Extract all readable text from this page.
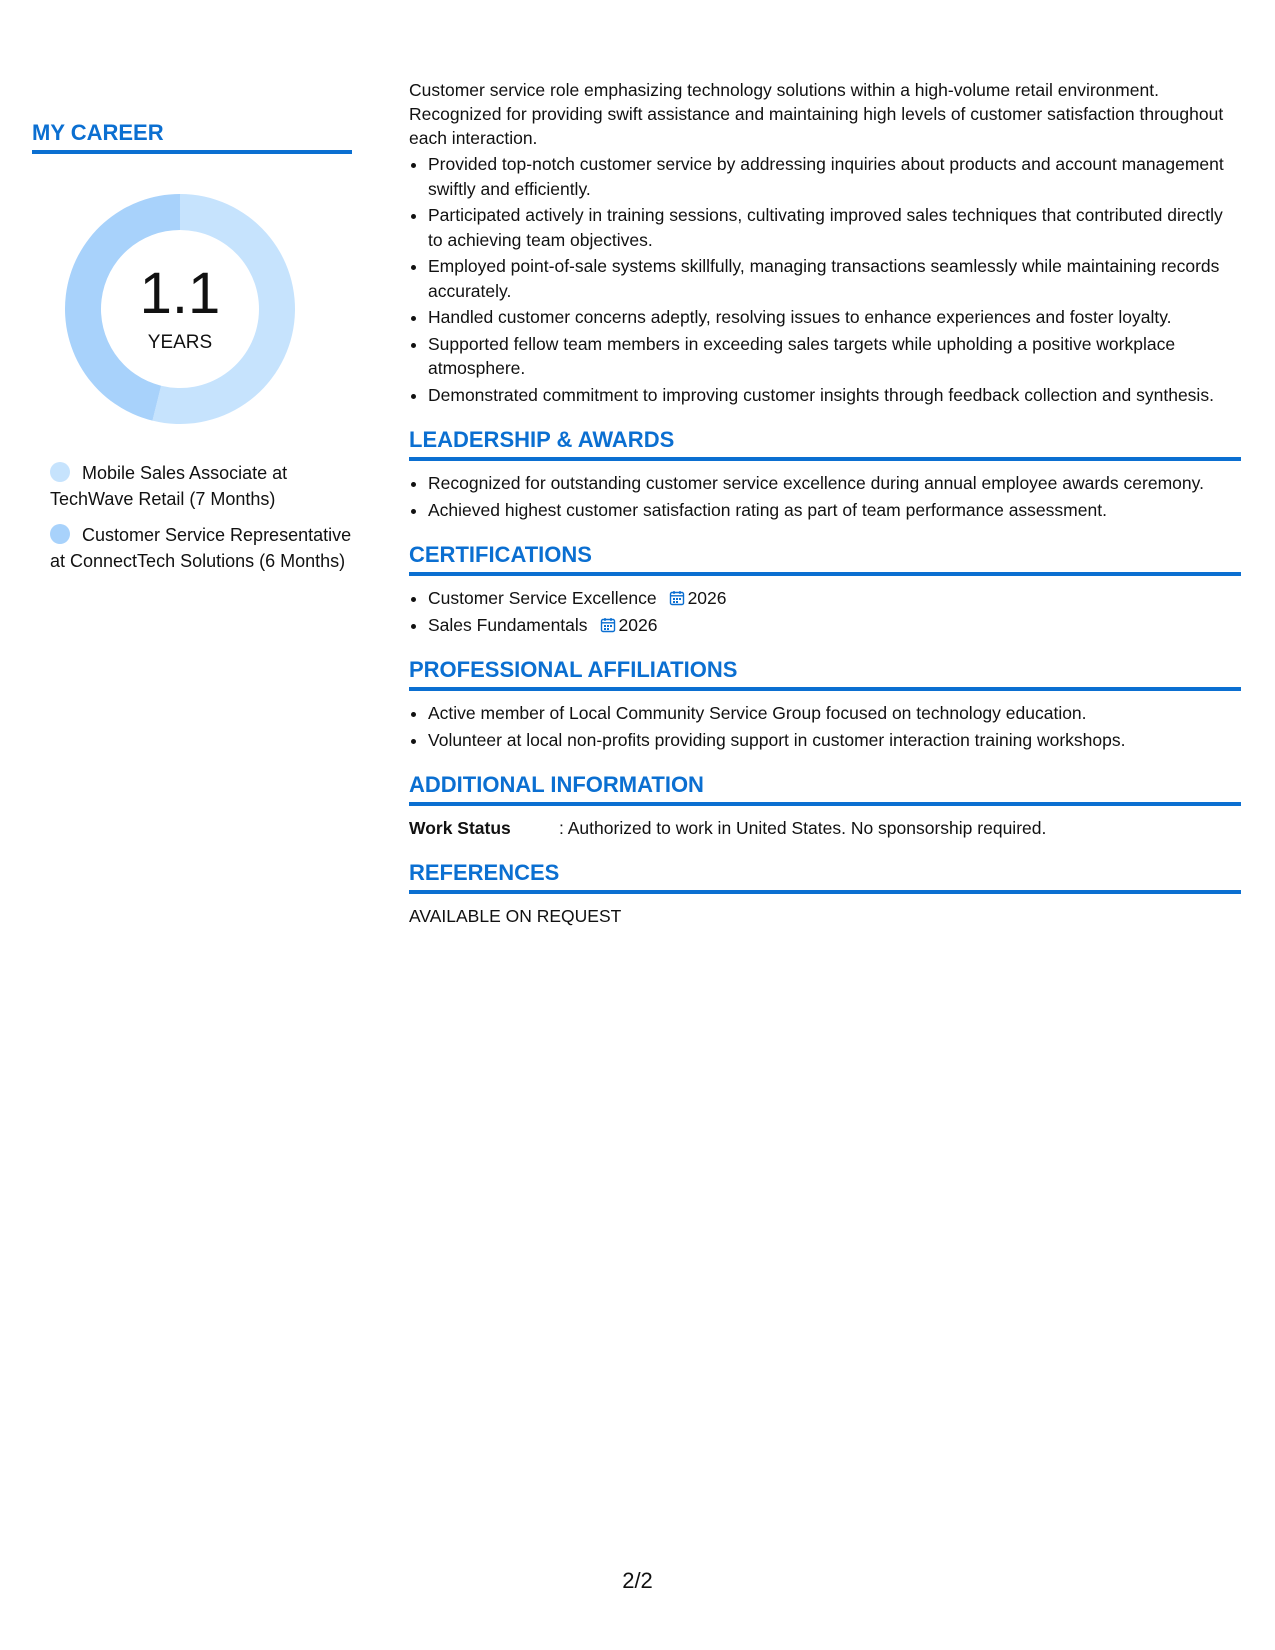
MY CAREER
1.1
YEARS
Mobile Sales Associate at TechWave Retail (7 Months)
Customer Service Representative at ConnectTech Solutions (6 Months)

Customer service role emphasizing technology solutions within a high-volume retail environment. Recognized for providing swift assistance and maintaining high levels of customer satisfaction throughout each interaction.

• Provided top-notch customer service by addressing inquiries about products and account management swiftly and efficiently.
• Participated actively in training sessions, cultivating improved sales techniques that contributed directly to achieving team objectives.
• Employed point-of-sale systems skillfully, managing transactions seamlessly while maintaining records accurately.
• Handled customer concerns adeptly, resolving issues to enhance experiences and foster loyalty.
• Supported fellow team members in exceeding sales targets while upholding a positive workplace atmosphere.
• Demonstrated commitment to improving customer insights through feedback collection and synthesis.
LEADERSHIP & AWARDS
• Recognized for outstanding customer service excellence during annual employee awards ceremony.
• Achieved highest customer satisfaction rating as part of team performance assessment.
CERTIFICATIONS
• Customer Service Excellence 2026
• Sales Fundamentals 2026
PROFESSIONAL AFFILIATIONS
• Active member of Local Community Service Group focused on technology education.
• Volunteer at local non-profits providing support in customer interaction training workshops.
ADDITIONAL INFORMATION
Work Status	: Authorized to work in United States. No sponsorship required.
REFERENCES
AVAILABLE ON REQUEST
2/2
